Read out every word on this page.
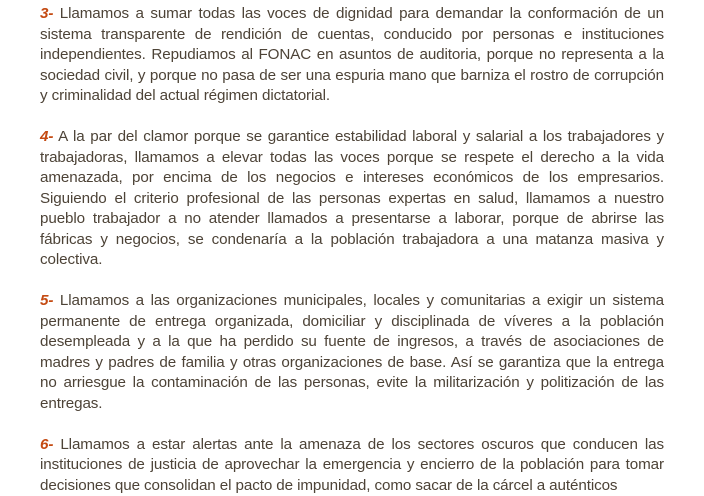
3- Llamamos a sumar todas las voces de dignidad para demandar la conformación de un sistema transparente de rendición de cuentas, conducido por personas e instituciones independientes. Repudiamos al FONAC en asuntos de auditoria, porque no representa a la sociedad civil, y porque no pasa de ser una espuria mano que barniza el rostro de corrupción y criminalidad del actual régimen dictatorial.

4- A la par del clamor porque se garantice estabilidad laboral y salarial a los trabajadores y trabajadoras, llamamos a elevar todas las voces porque se respete el derecho a la vida amenazada, por encima de los negocios e intereses económicos de los empresarios. Siguiendo el criterio profesional de las personas expertas en salud, llamamos a nuestro pueblo trabajador a no atender llamados a presentarse a laborar, porque de abrirse las fábricas y negocios, se condenaría a la población trabajadora a una matanza masiva y colectiva.

5- Llamamos a las organizaciones municipales, locales y comunitarias a exigir un sistema permanente de entrega organizada, domiciliar y disciplinada de víveres a la población desempleada y a la que ha perdido su fuente de ingresos, a través de asociaciones de madres y padres de familia y otras organizaciones de base. Así se garantiza que la entrega no arriesgue la contaminación de las personas, evite la militarización y politización de las entregas.

6- Llamamos a estar alertas ante la amenaza de los sectores oscuros que conducen las instituciones de justicia de aprovechar la emergencia y encierro de la población para tomar decisiones que consolidan el pacto de impunidad, como sacar de la cárcel a auténticos
